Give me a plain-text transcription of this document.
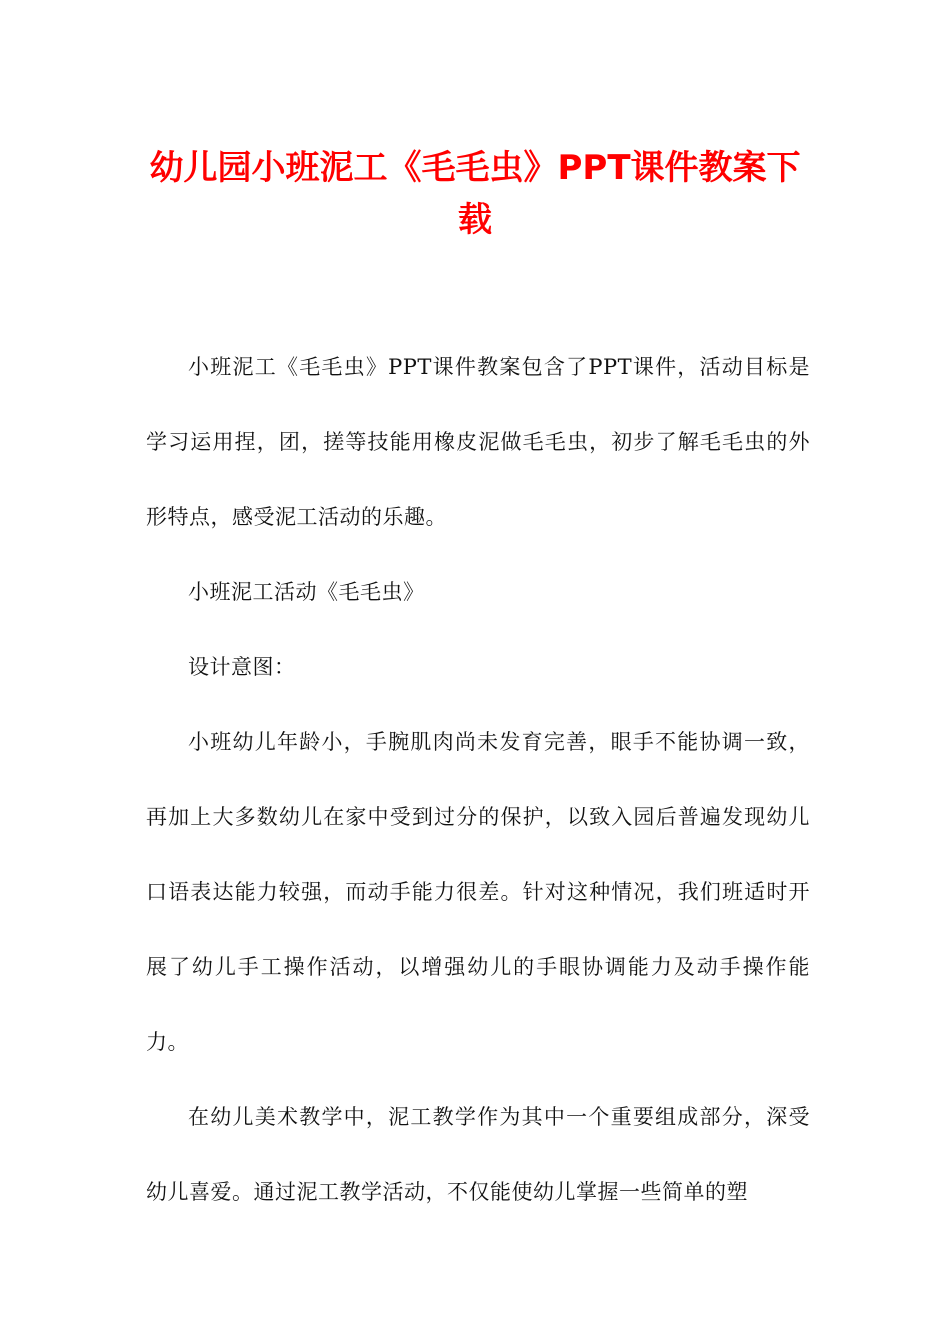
幼儿园小班泥工《毛毛虫》PPT课件教案下载

小班泥工《毛毛虫》PPT课件教案包含了PPT课件，活动目标是学习运用捏，团，搓等技能用橡皮泥做毛毛虫，初步了解毛毛虫的外形特点，感受泥工活动的乐趣。

小班泥工活动《毛毛虫》

设计意图：

小班幼儿年龄小，手腕肌肉尚未发育完善，眼手不能协调一致，再加上大多数幼儿在家中受到过分的保护，以致入园后普遍发现幼儿口语表达能力较强，而动手能力很差。针对这种情况，我们班适时开展了幼儿手工操作活动，以增强幼儿的手眼协调能力及动手操作能力。

在幼儿美术教学中，泥工教学作为其中一个重要组成部分，深受幼儿喜爱。通过泥工教学活动，不仅能使幼儿掌握一些简单的塑
